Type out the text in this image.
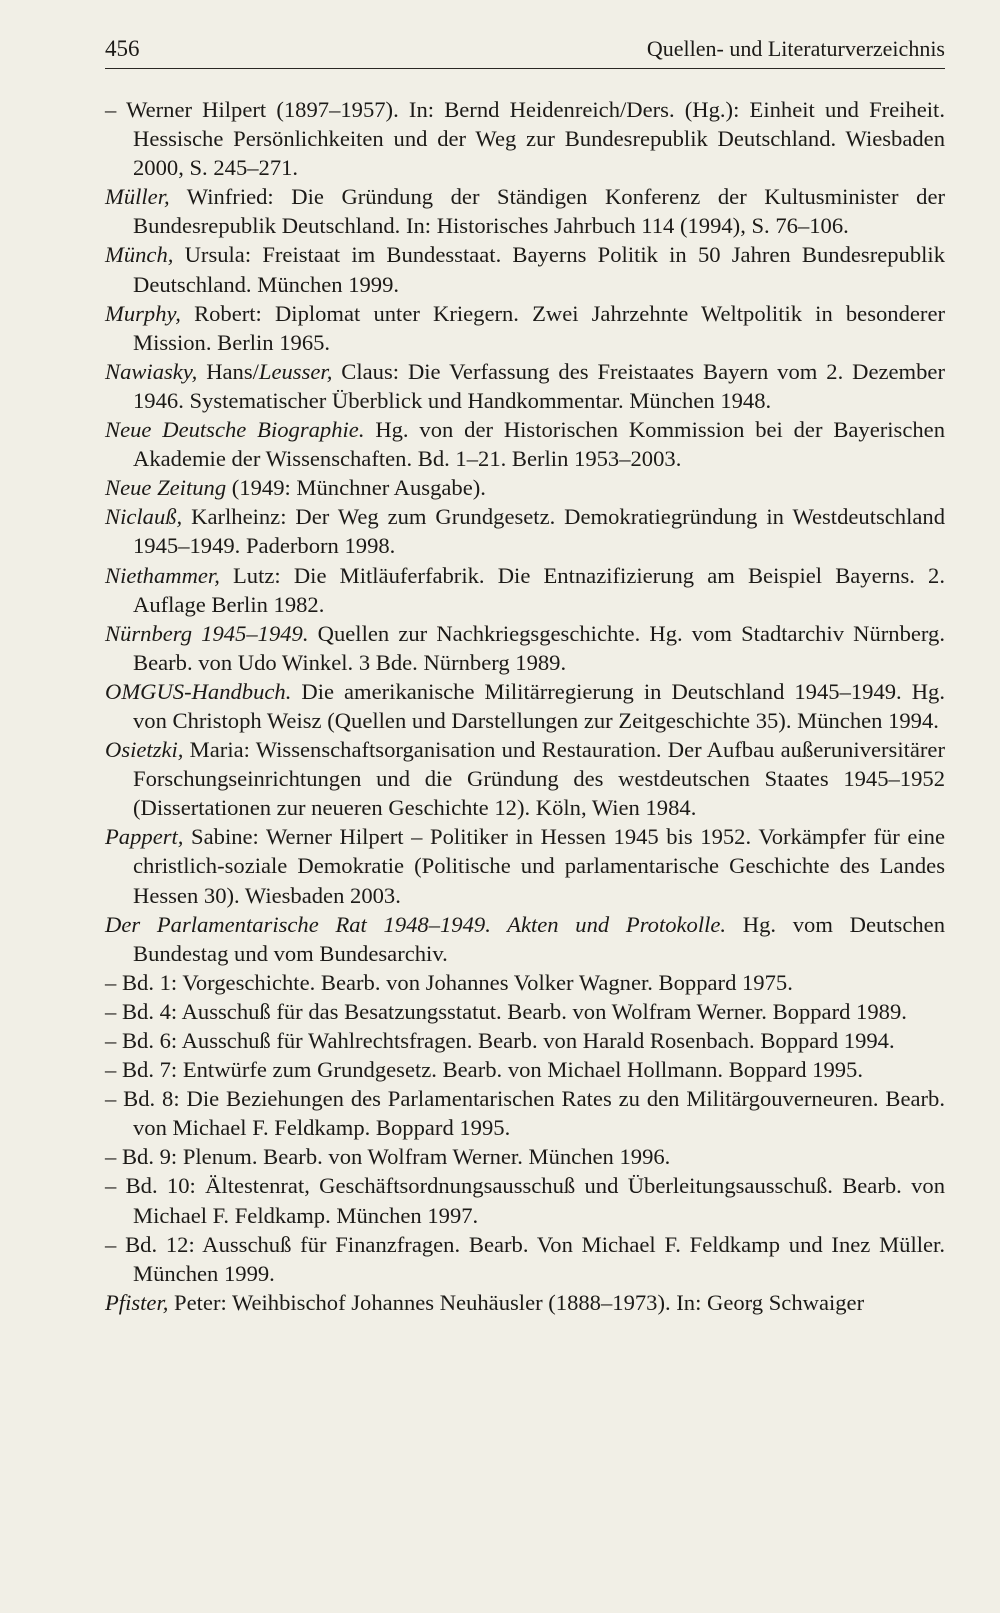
456	Quellen- und Literaturverzeichnis

– Werner Hilpert (1897–1957). In: Bernd Heidenreich/Ders. (Hg.): Einheit und Freiheit. Hessische Persönlichkeiten und der Weg zur Bundesrepublik Deutschland. Wiesbaden 2000, S. 245–271.

Müller, Winfried: Die Gründung der Ständigen Konferenz der Kultusminister der Bundesrepublik Deutschland. In: Historisches Jahrbuch 114 (1994), S. 76–106.

Münch, Ursula: Freistaat im Bundesstaat. Bayerns Politik in 50 Jahren Bundesrepublik Deutschland. München 1999.

Murphy, Robert: Diplomat unter Kriegern. Zwei Jahrzehnte Weltpolitik in besonderer Mission. Berlin 1965.

Nawiasky, Hans/Leusser, Claus: Die Verfassung des Freistaates Bayern vom 2. Dezember 1946. Systematischer Überblick und Handkommentar. München 1948.

Neue Deutsche Biographie. Hg. von der Historischen Kommission bei der Bayerischen Akademie der Wissenschaften. Bd. 1–21. Berlin 1953–2003.

Neue Zeitung (1949: Münchner Ausgabe).

Niclauß, Karlheinz: Der Weg zum Grundgesetz. Demokratiegründung in Westdeutschland 1945–1949. Paderborn 1998.

Niethammer, Lutz: Die Mitläuferfabrik. Die Entnazifizierung am Beispiel Bayerns. 2. Auflage Berlin 1982.

Nürnberg 1945–1949. Quellen zur Nachkriegsgeschichte. Hg. vom Stadtarchiv Nürnberg. Bearb. von Udo Winkel. 3 Bde. Nürnberg 1989.

OMGUS-Handbuch. Die amerikanische Militärregierung in Deutschland 1945–1949. Hg. von Christoph Weisz (Quellen und Darstellungen zur Zeitgeschichte 35). München 1994.

Osietzki, Maria: Wissenschaftsorganisation und Restauration. Der Aufbau außeruniversitärer Forschungseinrichtungen und die Gründung des westdeutschen Staates 1945–1952 (Dissertationen zur neueren Geschichte 12). Köln, Wien 1984.

Pappert, Sabine: Werner Hilpert – Politiker in Hessen 1945 bis 1952. Vorkämpfer für eine christlich-soziale Demokratie (Politische und parlamentarische Geschichte des Landes Hessen 30). Wiesbaden 2003.

Der Parlamentarische Rat 1948–1949. Akten und Protokolle. Hg. vom Deutschen Bundestag und vom Bundesarchiv.

– Bd. 1: Vorgeschichte. Bearb. von Johannes Volker Wagner. Boppard 1975.

– Bd. 4: Ausschuß für das Besatzungsstatut. Bearb. von Wolfram Werner. Boppard 1989.

– Bd. 6: Ausschuß für Wahlrechtsfragen. Bearb. von Harald Rosenbach. Boppard 1994.

– Bd. 7: Entwürfe zum Grundgesetz. Bearb. von Michael Hollmann. Boppard 1995.

– Bd. 8: Die Beziehungen des Parlamentarischen Rates zu den Militärgouverneuren. Bearb. von Michael F. Feldkamp. Boppard 1995.

– Bd. 9: Plenum. Bearb. von Wolfram Werner. München 1996.

– Bd. 10: Ältestenrat, Geschäftsordnungsausschuß und Überleitungsausschuß. Bearb. von Michael F. Feldkamp. München 1997.

– Bd. 12: Ausschuß für Finanzfragen. Bearb. Von Michael F. Feldkamp und Inez Müller. München 1999.

Pfister, Peter: Weihbischof Johannes Neuhäusler (1888–1973). In: Georg Schwaiger
